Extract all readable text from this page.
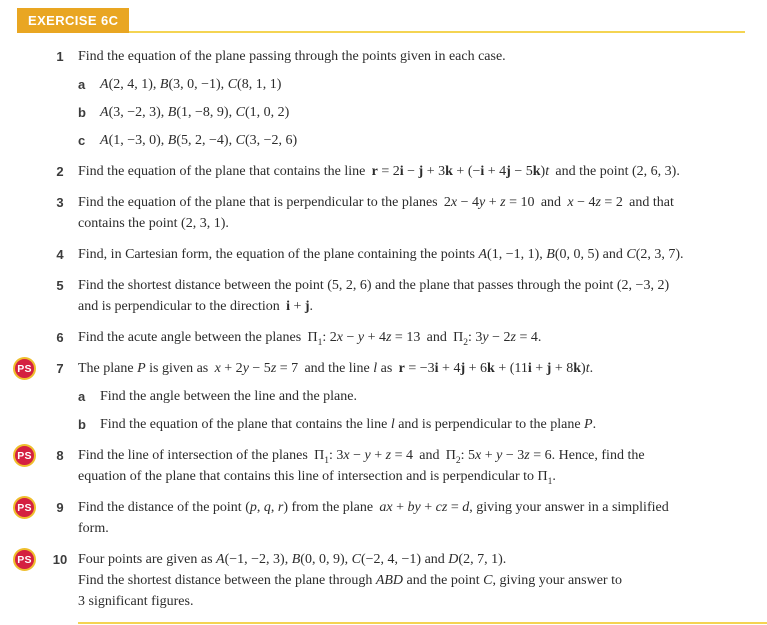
EXERCISE 6C
1	Find the equation of the plane passing through the points given in each case.
a A(2, 4, 1), B(3, 0, −1), C(8, 1, 1)
b A(3, −2, 3), B(1, −8, 9), C(1, 0, 2)
c A(1, −3, 0), B(5, 2, −4), C(3, −2, 6)
2	Find the equation of the plane that contains the line  r = 2i − j + 3k + (−i + 4j − 5k)t  and the point (2, 6, 3).
3	Find the equation of the plane that is perpendicular to the planes  2x − 4y + z = 10  and  x − 4z = 2  and that
contains the point (2, 3, 1).
4	Find, in Cartesian form, the equation of the plane containing the points A(1, −1, 1), B(0, 0, 5) and C(2, 3, 7).
5	Find the shortest distance between the point (5, 2, 6) and the plane that passes through the point (2, −3, 2)
and is perpendicular to the direction  i + j.
6	Find the acute angle between the planes  $\Pi_1$: 2x − y + 4z = 13  and  $\Pi_2$: 3y − 2z = 4.
PS	7	The plane P is given as  x + 2y − 5z = 7  and the line l as  r = −3i + 4j + 6k + (11i + j + 8k)t.
a Find the angle between the line and the plane.
b Find the equation of the plane that contains the line l and is perpendicular to the plane P.
PS	8	Find the line of intersection of the planes  $\Pi_1$: 3x − y + z = 4  and  $\Pi_2$: 5x + y − 3z = 6. Hence, find the
equation of the plane that contains this line of intersection and is perpendicular to $\Pi_1$.
PS	9	Find the distance of the point (p, q, r) from the plane  ax + by + cz = d, giving your answer in a simplified
form.
PS	10 Four points are given as A(−1, −2, 3), B(0, 0, 9), C(−2, 4, −1) and D(2, 7, 1).
Find the shortest distance between the plane through ABD and the point C, giving your answer to
3 significant figures.
